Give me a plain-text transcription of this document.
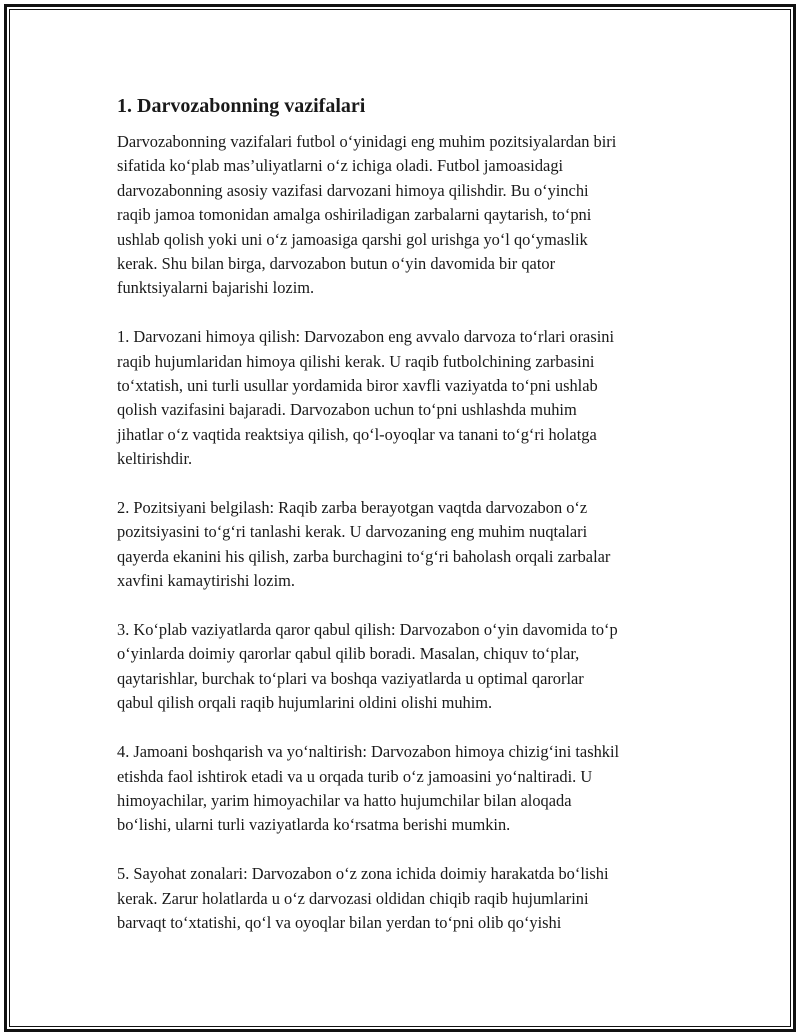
1. Darvozabonning vazifalari

Darvozabonning vazifalari futbol o‘yinidagi eng muhim pozitsiyalardan biri
sifatida ko‘plab mas’uliyatlarni o‘z ichiga oladi. Futbol jamoasidagi
darvozabonning asosiy vazifasi darvozani himoya qilishdir. Bu o‘yinchi
raqib jamoa tomonidan amalga oshiriladigan zarbalarni qaytarish, to‘pni
ushlab qolish yoki uni o‘z jamoasiga qarshi gol urishga yo‘l qo‘ymaslik
kerak. Shu bilan birga, darvozabon butun o‘yin davomida bir qator
funktsiyalarni bajarishi lozim.

1. Darvozani himoya qilish: Darvozabon eng avvalo darvoza to‘rlari orasini
raqib hujumlaridan himoya qilishi kerak. U raqib futbolchining zarbasini
to‘xtatish, uni turli usullar yordamida biror xavfli vaziyatda to‘pni ushlab
qolish vazifasini bajaradi. Darvozabon uchun to‘pni ushlashda muhim
jihatlar o‘z vaqtida reaktsiya qilish, qo‘l-oyoqlar va tanani to‘g‘ri holatga
keltirishdir.

2. Pozitsiyani belgilash: Raqib zarba berayotgan vaqtda darvozabon o‘z
pozitsiyasini to‘g‘ri tanlashi kerak. U darvozaning eng muhim nuqtalari
qayerda ekanini his qilish, zarba burchagini to‘g‘ri baholash orqali zarbalar
xavfini kamaytirishi lozim.

3. Ko‘plab vaziyatlarda qaror qabul qilish: Darvozabon o‘yin davomida to‘p
o‘yinlarda doimiy qarorlar qabul qilib boradi. Masalan, chiquv to‘plar,
qaytarishlar, burchak to‘plari va boshqa vaziyatlarda u optimal qarorlar
qabul qilish orqali raqib hujumlarini oldini olishi muhim.

4. Jamoani boshqarish va yo‘naltirish: Darvozabon himoya chizig‘ini tashkil
etishda faol ishtirok etadi va u orqada turib o‘z jamoasini yo‘naltiradi. U
himoyachilar, yarim himoyachilar va hatto hujumchilar bilan aloqada
bo‘lishi, ularni turli vaziyatlarda ko‘rsatma berishi mumkin.

5. Sayohat zonalari: Darvozabon o‘z zona ichida doimiy harakatda bo‘lishi
kerak. Zarur holatlarda u o‘z darvozasi oldidan chiqib raqib hujumlarini
barvaqt to‘xtatishi, qo‘l va oyoqlar bilan yerdan to‘pni olib qo‘yishi
